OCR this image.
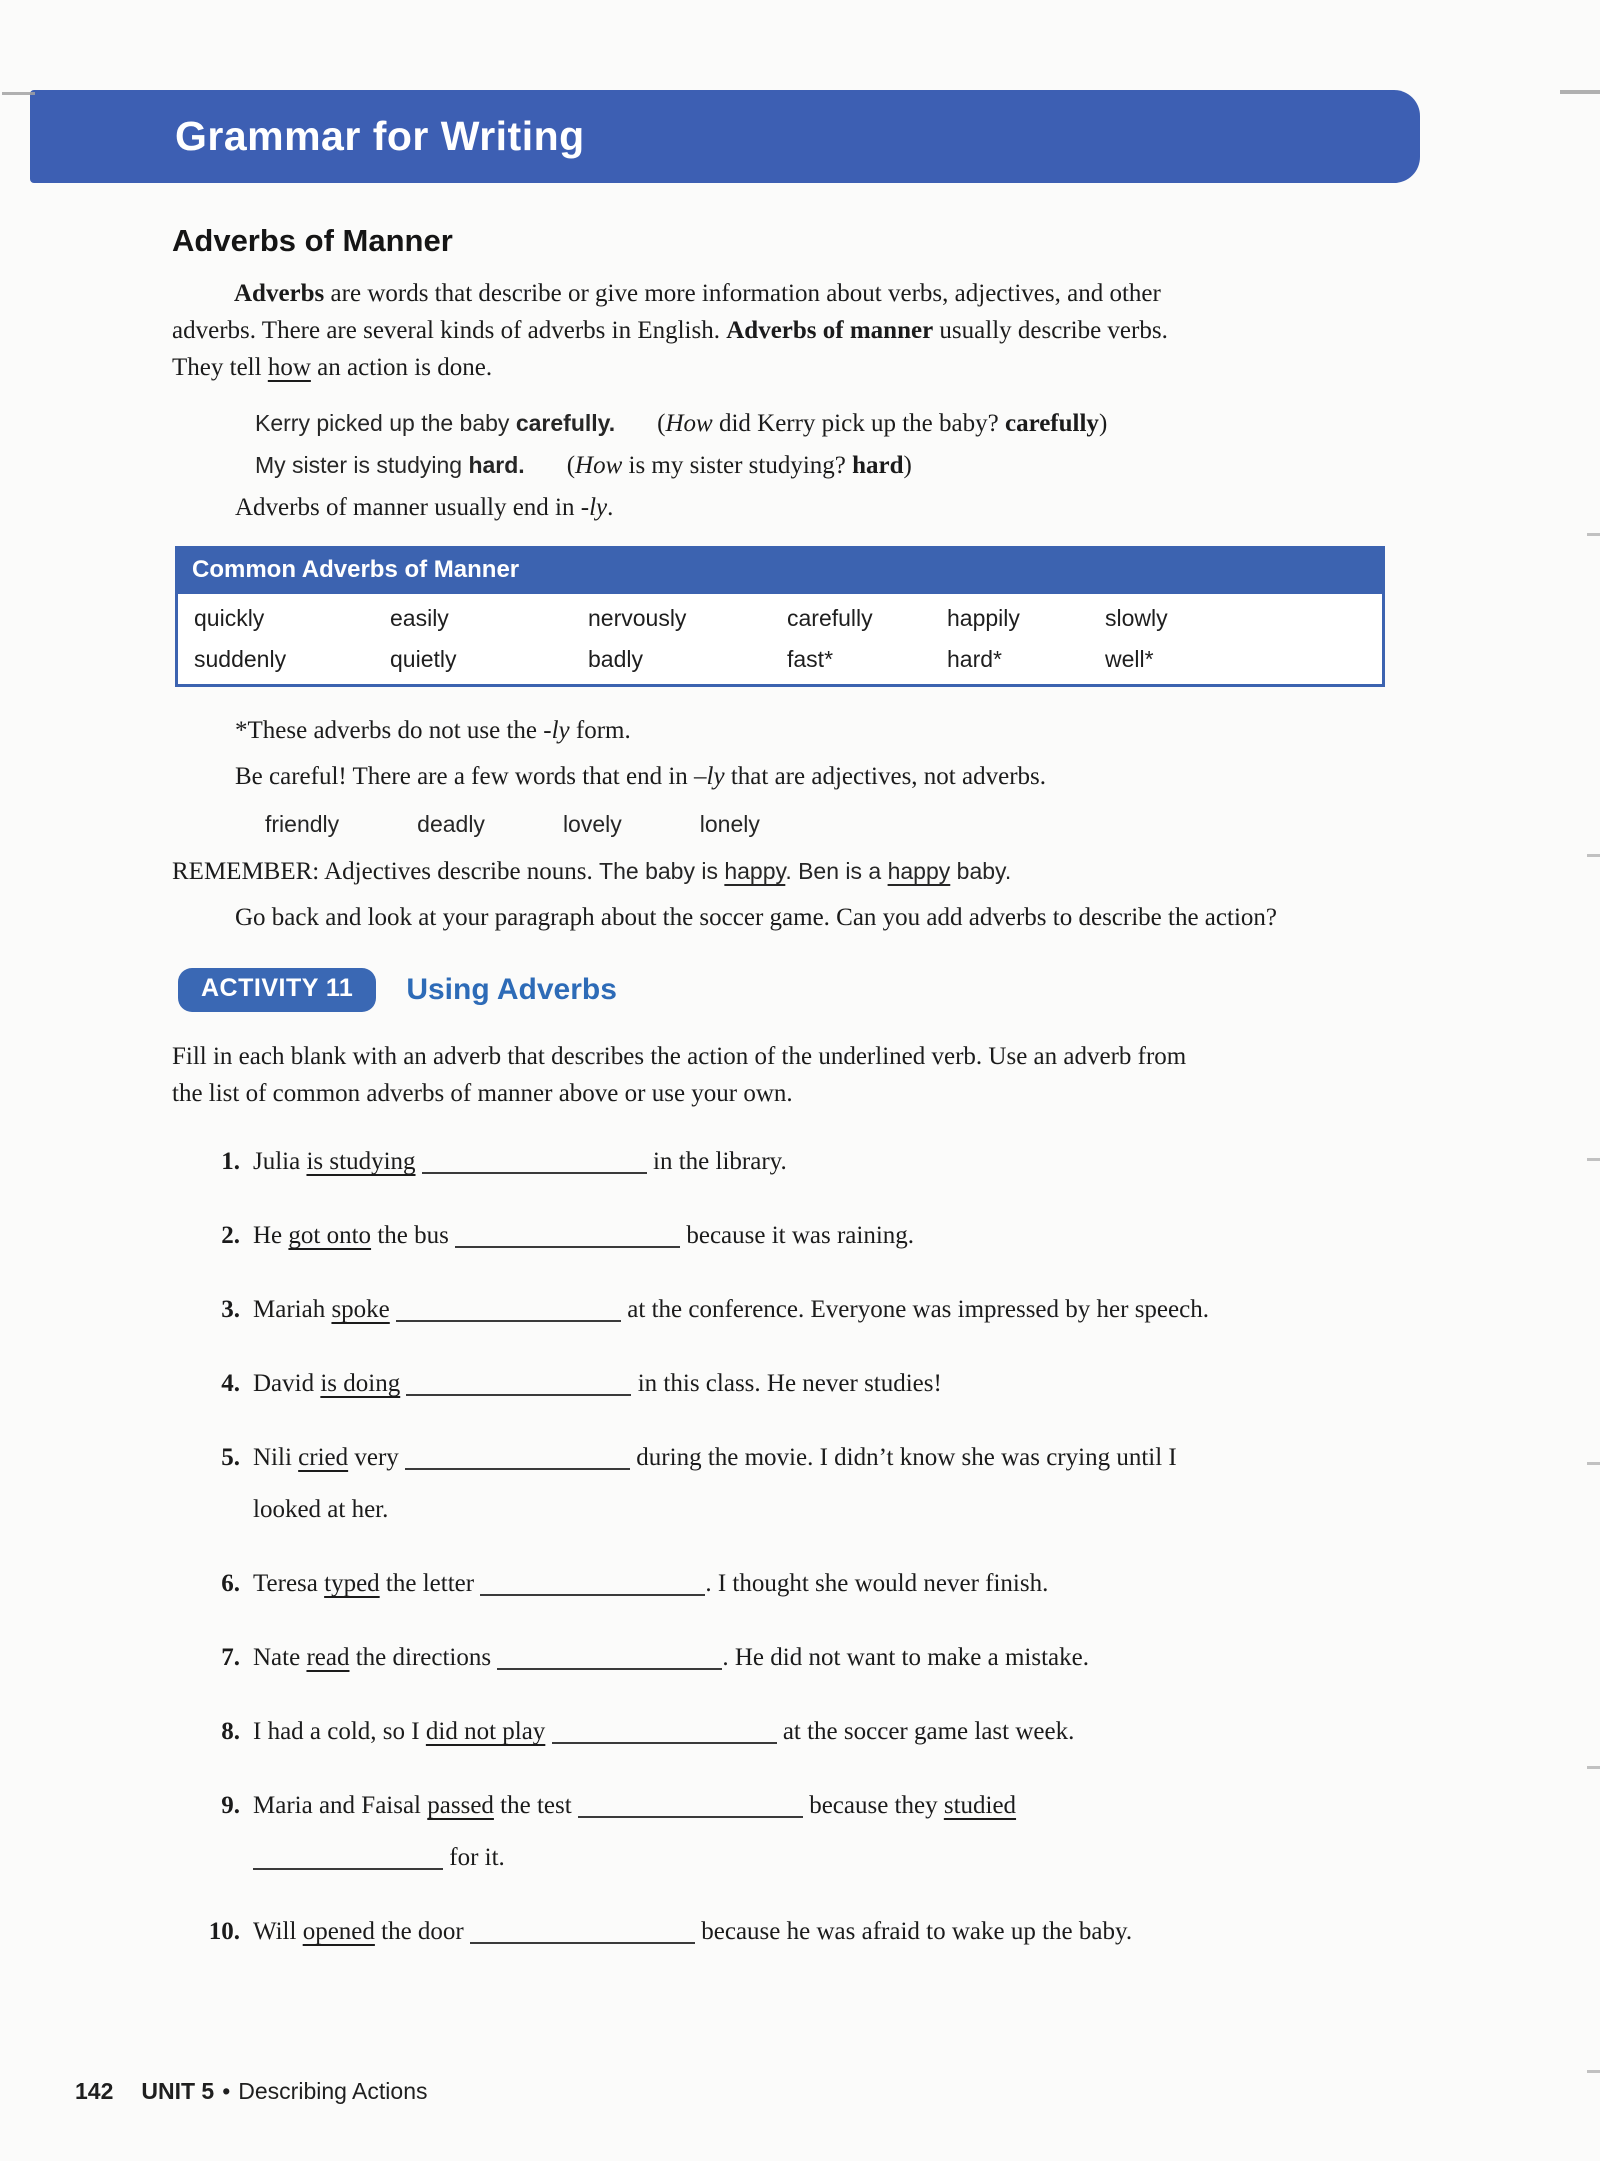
Grammar for Writing
Adverbs of Manner

Adverbs are words that describe or give more information about verbs, adjectives, and other
adverbs. There are several kinds of adverbs in English. Adverbs of manner usually describe verbs.
They tell how an action is done.

Kerry picked up the baby carefully. (How did Kerry pick up the baby? carefully)
My sister is studying hard. (How is my sister studying? hard)

Adverbs of manner usually end in -ly.

Common Adverbs of Manner
quickly	easily	nervously	carefully	happily	slowly
suddenly	quietly	badly	fast*	hard*	well*

*These adverbs do not use the -ly form.

Be careful! There are a few words that end in –ly that are adjectives, not adverbs.

friendly	deadly	lovely	lonely

REMEMBER: Adjectives describe nouns. The baby is happy. Ben is a happy baby.

Go back and look at your paragraph about the soccer game. Can you add adverbs to describe the action?

ACTIVITY 11	Using Adverbs

Fill in each blank with an adverb that describes the action of the underlined verb. Use an adverb from
the list of common adverbs of manner above or use your own.

1. Julia is studying	in the library.
2. He got onto the bus	because it was raining.
3. Mariah spoke	at the conference. Everyone was impressed by her speech.
4. David is doing	in this class. He never studies!
5. Nili cried very	during the movie. I didn’t know she was crying until I
looked at her.
6. Teresa typed the letter	. I thought she would never finish.
7. Nate read the directions	. He did not want to make a mistake.
8. I had a cold, so I did not play	at the soccer game last week.
9. Maria and Faisal passed the test	because they studied
for it.
10. Will opened the door	because he was afraid to wake up the baby.
142 UNIT 5 • Describing Actions
